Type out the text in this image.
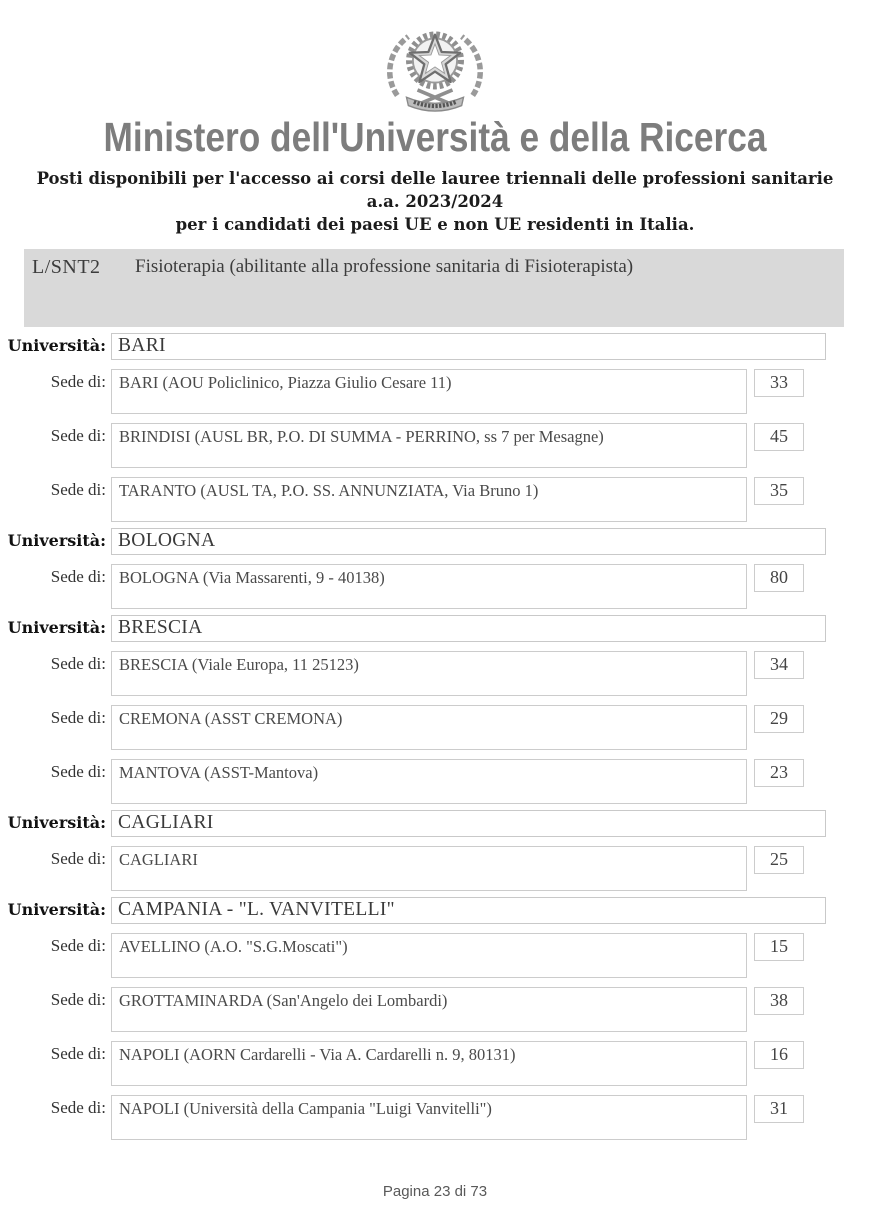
Ministero dell'Università e della Ricerca
Posti disponibili per l'accesso ai corsi delle lauree triennali delle professioni sanitarie
a.a. 2023/2024
per i candidati dei paesi UE e non UE residenti in Italia.
L/SNT2	Fisioterapia (abilitante alla professione sanitaria di Fisioterapista)
Università: BARI
Sede di: BARI (AOU Policlinico, Piazza Giulio Cesare 11)	33
Sede di: BRINDISI (AUSL BR, P.O. DI SUMMA - PERRINO, ss 7 per Mesagne)	45
Sede di: TARANTO (AUSL TA, P.O. SS. ANNUNZIATA, Via Bruno 1)	35
Università: BOLOGNA
Sede di: BOLOGNA (Via Massarenti, 9 - 40138)	80
Università: BRESCIA
Sede di: BRESCIA (Viale Europa, 11 25123)	34
Sede di: CREMONA (ASST CREMONA)	29
Sede di: MANTOVA (ASST-Mantova)	23
Università: CAGLIARI
Sede di: CAGLIARI	25
Università: CAMPANIA - "L. VANVITELLI"
Sede di: AVELLINO (A.O. "S.G.Moscati")	15
Sede di: GROTTAMINARDA (San'Angelo dei Lombardi)	38
Sede di: NAPOLI (AORN Cardarelli - Via A. Cardarelli n. 9, 80131)	16
Sede di: NAPOLI (Università della Campania "Luigi Vanvitelli")	31
Pagina 23 di 73
